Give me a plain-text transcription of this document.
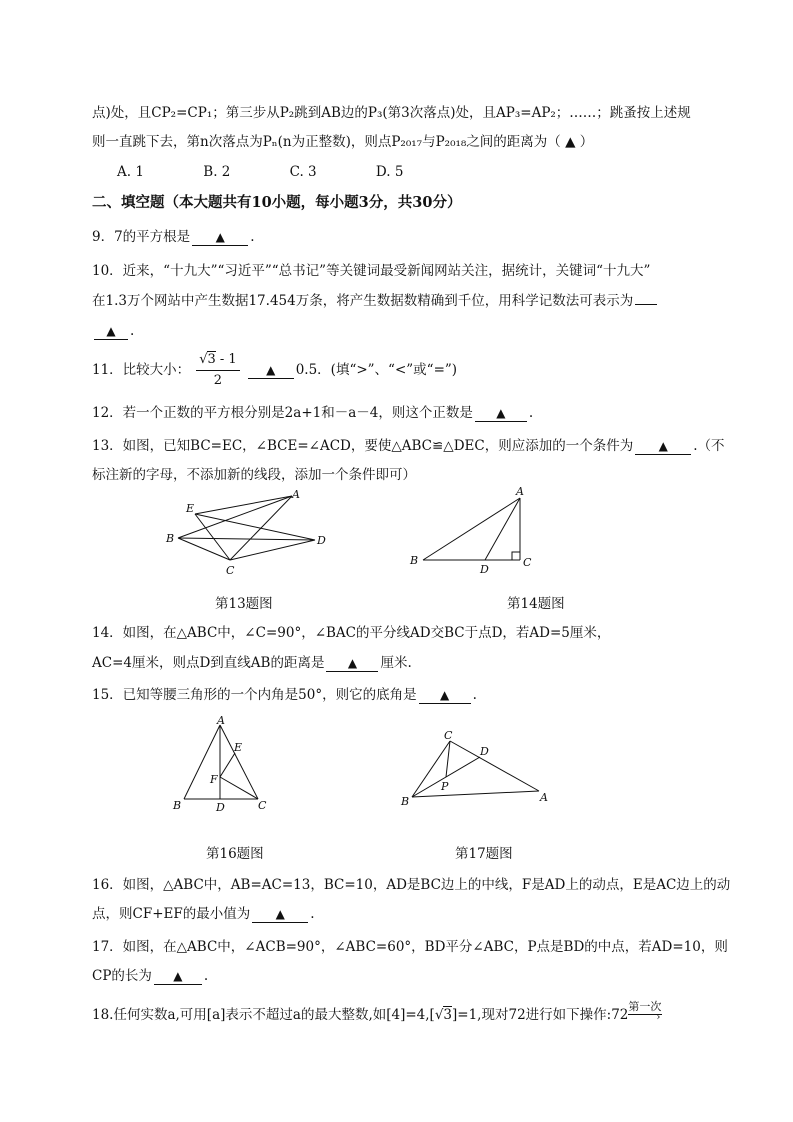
点)处，且CP₂=CP₁；第三步从P₂跳到AB边的P₃(第3次落点)处，且AP₃=AP₂；……；跳蚤按上述规
则一直跳下去，第n次落点为Pₙ(n为正整数)，则点P₂₀₁₇与P₂₀₁₈之间的距离为（ ▲ ）
A. 1	B. 2	C. 3	D. 5
二、填空题（本大题共有10小题，每小题3分，共30分）
9．7的平方根是 ▲ .
10．近来，“十九大”“习近平”“总书记”等关键词最受新闻网站关注，据统计，关键词“十九大”
在1.3万个网站中产生数据17.454万条，将产生数据数精确到千位，用科学记数法可表示为
▲ .
11．比较大小： $\frac{√3 - 1}{2}$ ▲ 0.5．(填“>”、“<”或“=”)
12．若一个正数的平方根分别是2a+1和－a－4，则这个正数是 ▲ .
13．如图，已知BC=EC，∠BCE=∠ACD，要使△ABC≌△DEC，则应添加的一个条件为 ▲ .（不
标注新的字母，不添加新的线段，添加一个条件即可）
E
A
B	D
C
A
B
D
C
第13题图	第14题图
14．如图，在△ABC中，∠C=90°，∠BAC的平分线AD交BC于点D，若AD=5厘米，
AC=4厘米，则点D到直线AB的距离是 ▲ 厘米.
15．已知等腰三角形的一个内角是50°，则它的底角是 ▲ .
A
E
F
B	D	C
C
D
P
B	A
第16题图	第17题图
16．如图，△ABC中，AB=AC=13，BC=10，AD是BC边上的中线，F是AD上的动点，E是AC边上的动
点，则CF+EF的最小值为 ▲ .
17．如图，在△ABC中，∠ACB=90°，∠ABC=60°，BD平分∠ABC，P点是BD的中点，若AD=10，则
CP的长为 ▲ .
18.任何实数a,可用[a]表示不超过a的最大整数,如[4]=4,[√3]=1,现对72进行如下操作:72
第一次
›
